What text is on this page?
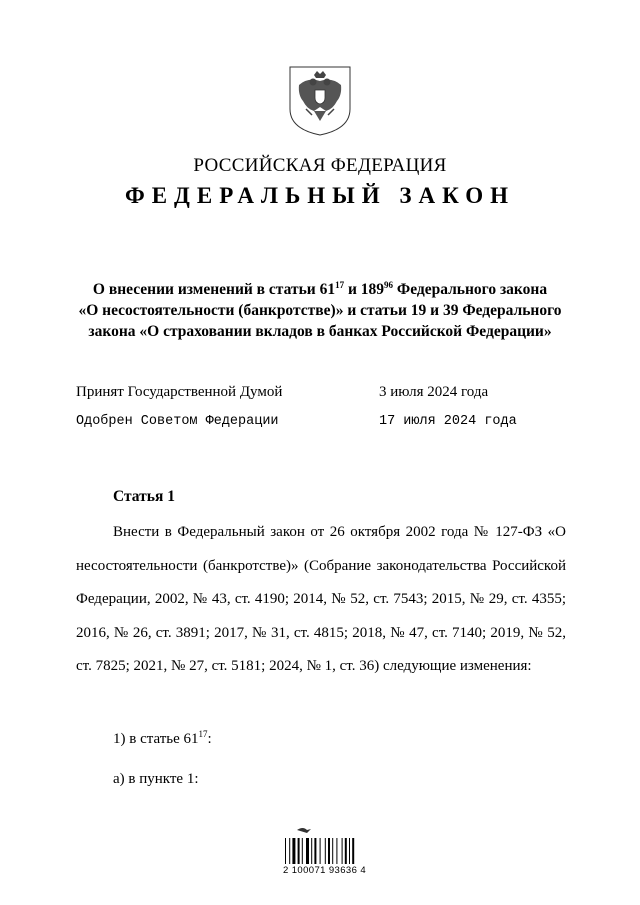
РОССИЙСКАЯ ФЕДЕРАЦИЯ
ФЕДЕРАЛЬНЫЙ ЗАКОН
О внесении изменений в статьи $61^{17}$ и $189^{96}$ Федерального закона
«О несостоятельности (банкротстве)» и статьи 19 и 39 Федерального
закона «О страховании вкладов в банках Российской Федерации»
Принят Государственной Думой	3 июля 2024 года
Одобрен Советом Федерации	17 июля 2024 года
Статья 1

Внести в Федеральный закон от 26 октября 2002 года № 127-ФЗ «О несостоятельности (банкротстве)» (Собрание законодательства Российской Федерации, 2002, № 43, ст. 4190; 2014, № 52, ст. 7543; 2015, № 29, ст. 4355; 2016, № 26, ст. 3891; 2017, № 31, ст. 4815; 2018, № 47, ст. 7140; 2019, № 52, ст. 7825; 2021, № 27, ст. 5181; 2024, № 1, ст. 36) следующие изменения:

1) в статье $61^{17}$:
а) в пункте 1:
2 100071 93636 4
